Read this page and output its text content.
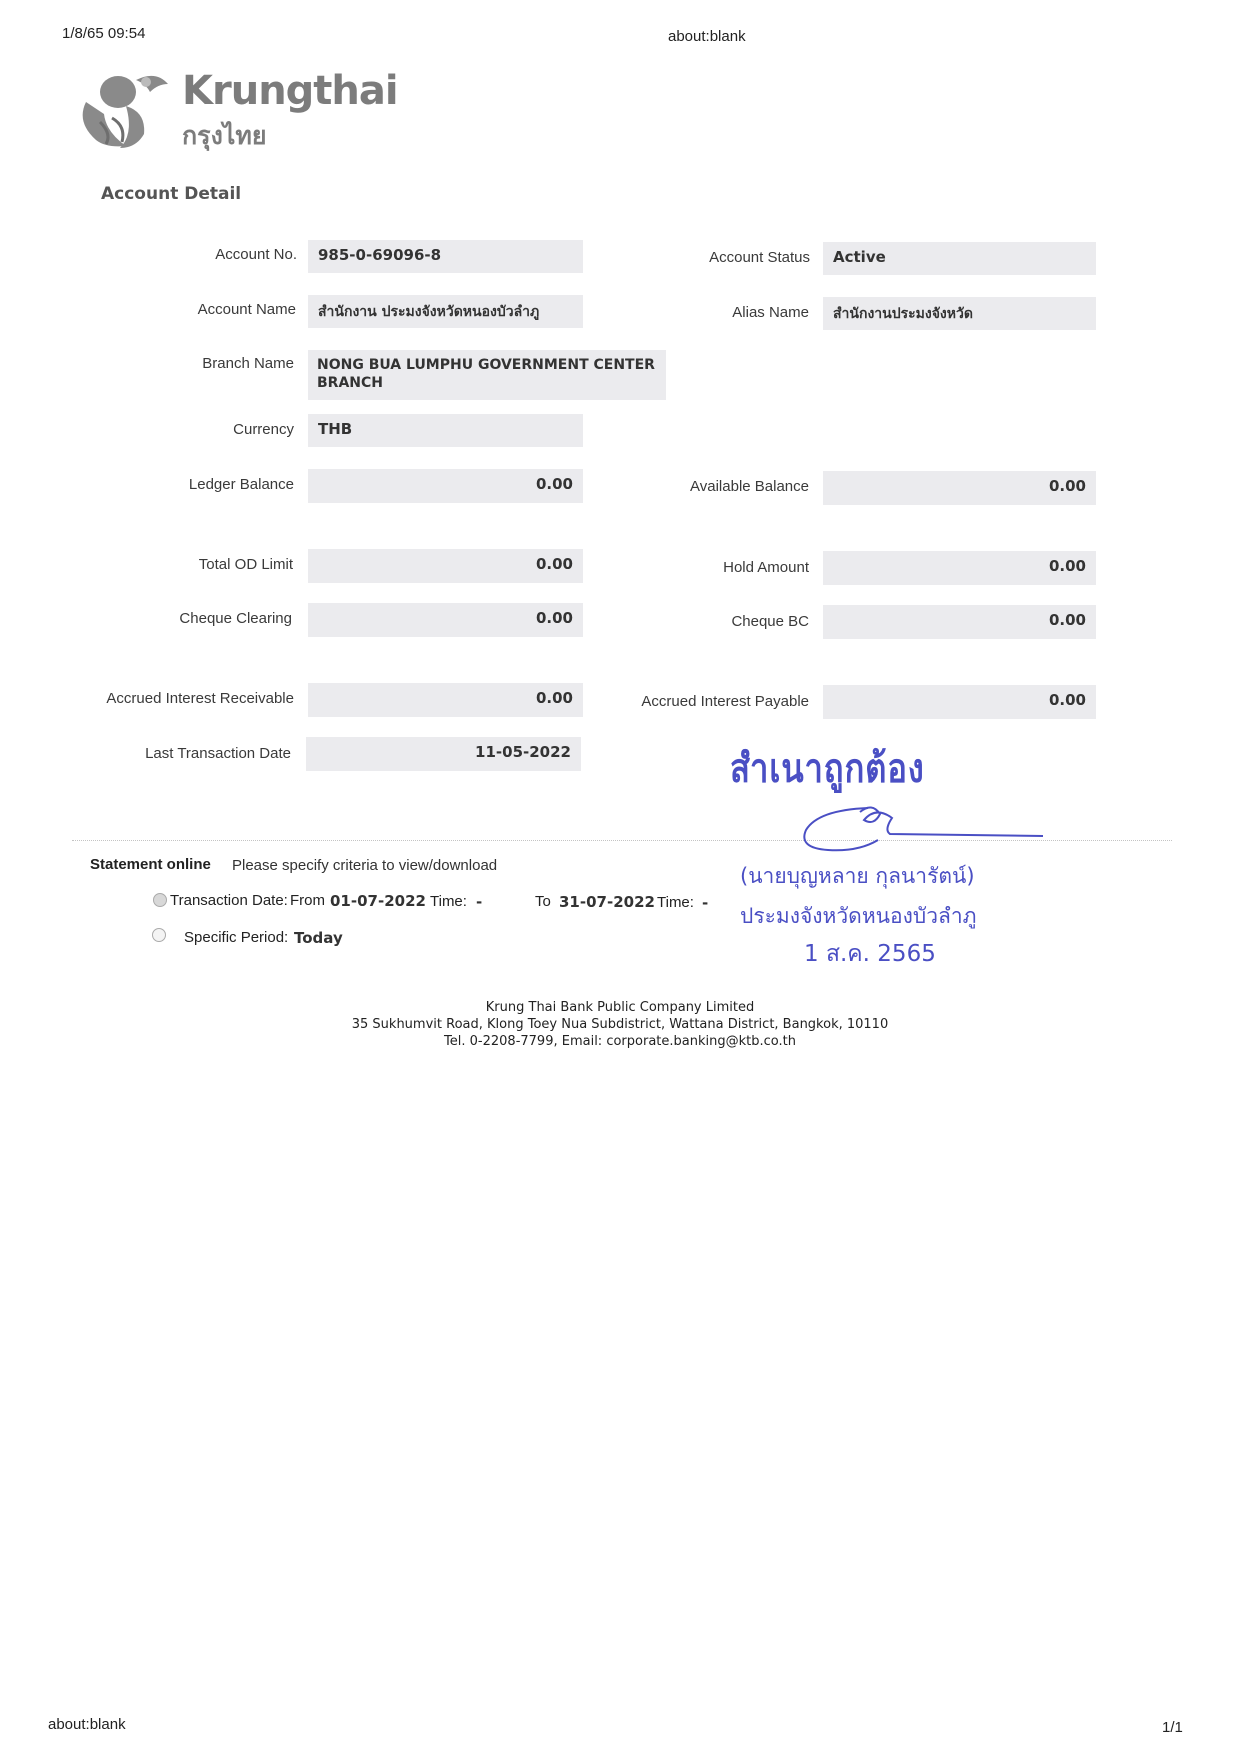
1/8/65 09:54	about:blank
Krungthai
กรุงไทย
Account Detail
Account No.	985-0-69096-8	Account Status	Active
Account Name	สำนักงาน ประมงจังหวัดหนองบัวลำภู	Alias Name	สำนักงานประมงจังหวัด
Branch Name NONG BUA LUMPHU GOVERNMENT CENTER
BRANCH
Currency	THB
Ledger Balance	0.00	Available Balance	0.00
Total OD Limit	0.00	Hold Amount	0.00
Cheque Clearing	0.00	Cheque BC	0.00
Accrued Interest Receivable	0.00	Accrued Interest Payable	0.00
Last Transaction Date	11-05-2022
Statement online Please specify criteria to view/download
Transaction Date: From 01-07-2022 Time: -	To 31-07-2022 Time: -
Specific Period: Today
สำเนาถูกต้อง
(นายบุญหลาย กุลนารัตน์)
ประมงจังหวัดหนองบัวลำภู
1 ส.ค. 2565
Krung Thai Bank Public Company Limited
35 Sukhumvit Road, Klong Toey Nua Subdistrict, Wattana District, Bangkok, 10110
Tel. 0-2208-7799, Email: corporate.banking@ktb.co.th
about:blank	1/1
